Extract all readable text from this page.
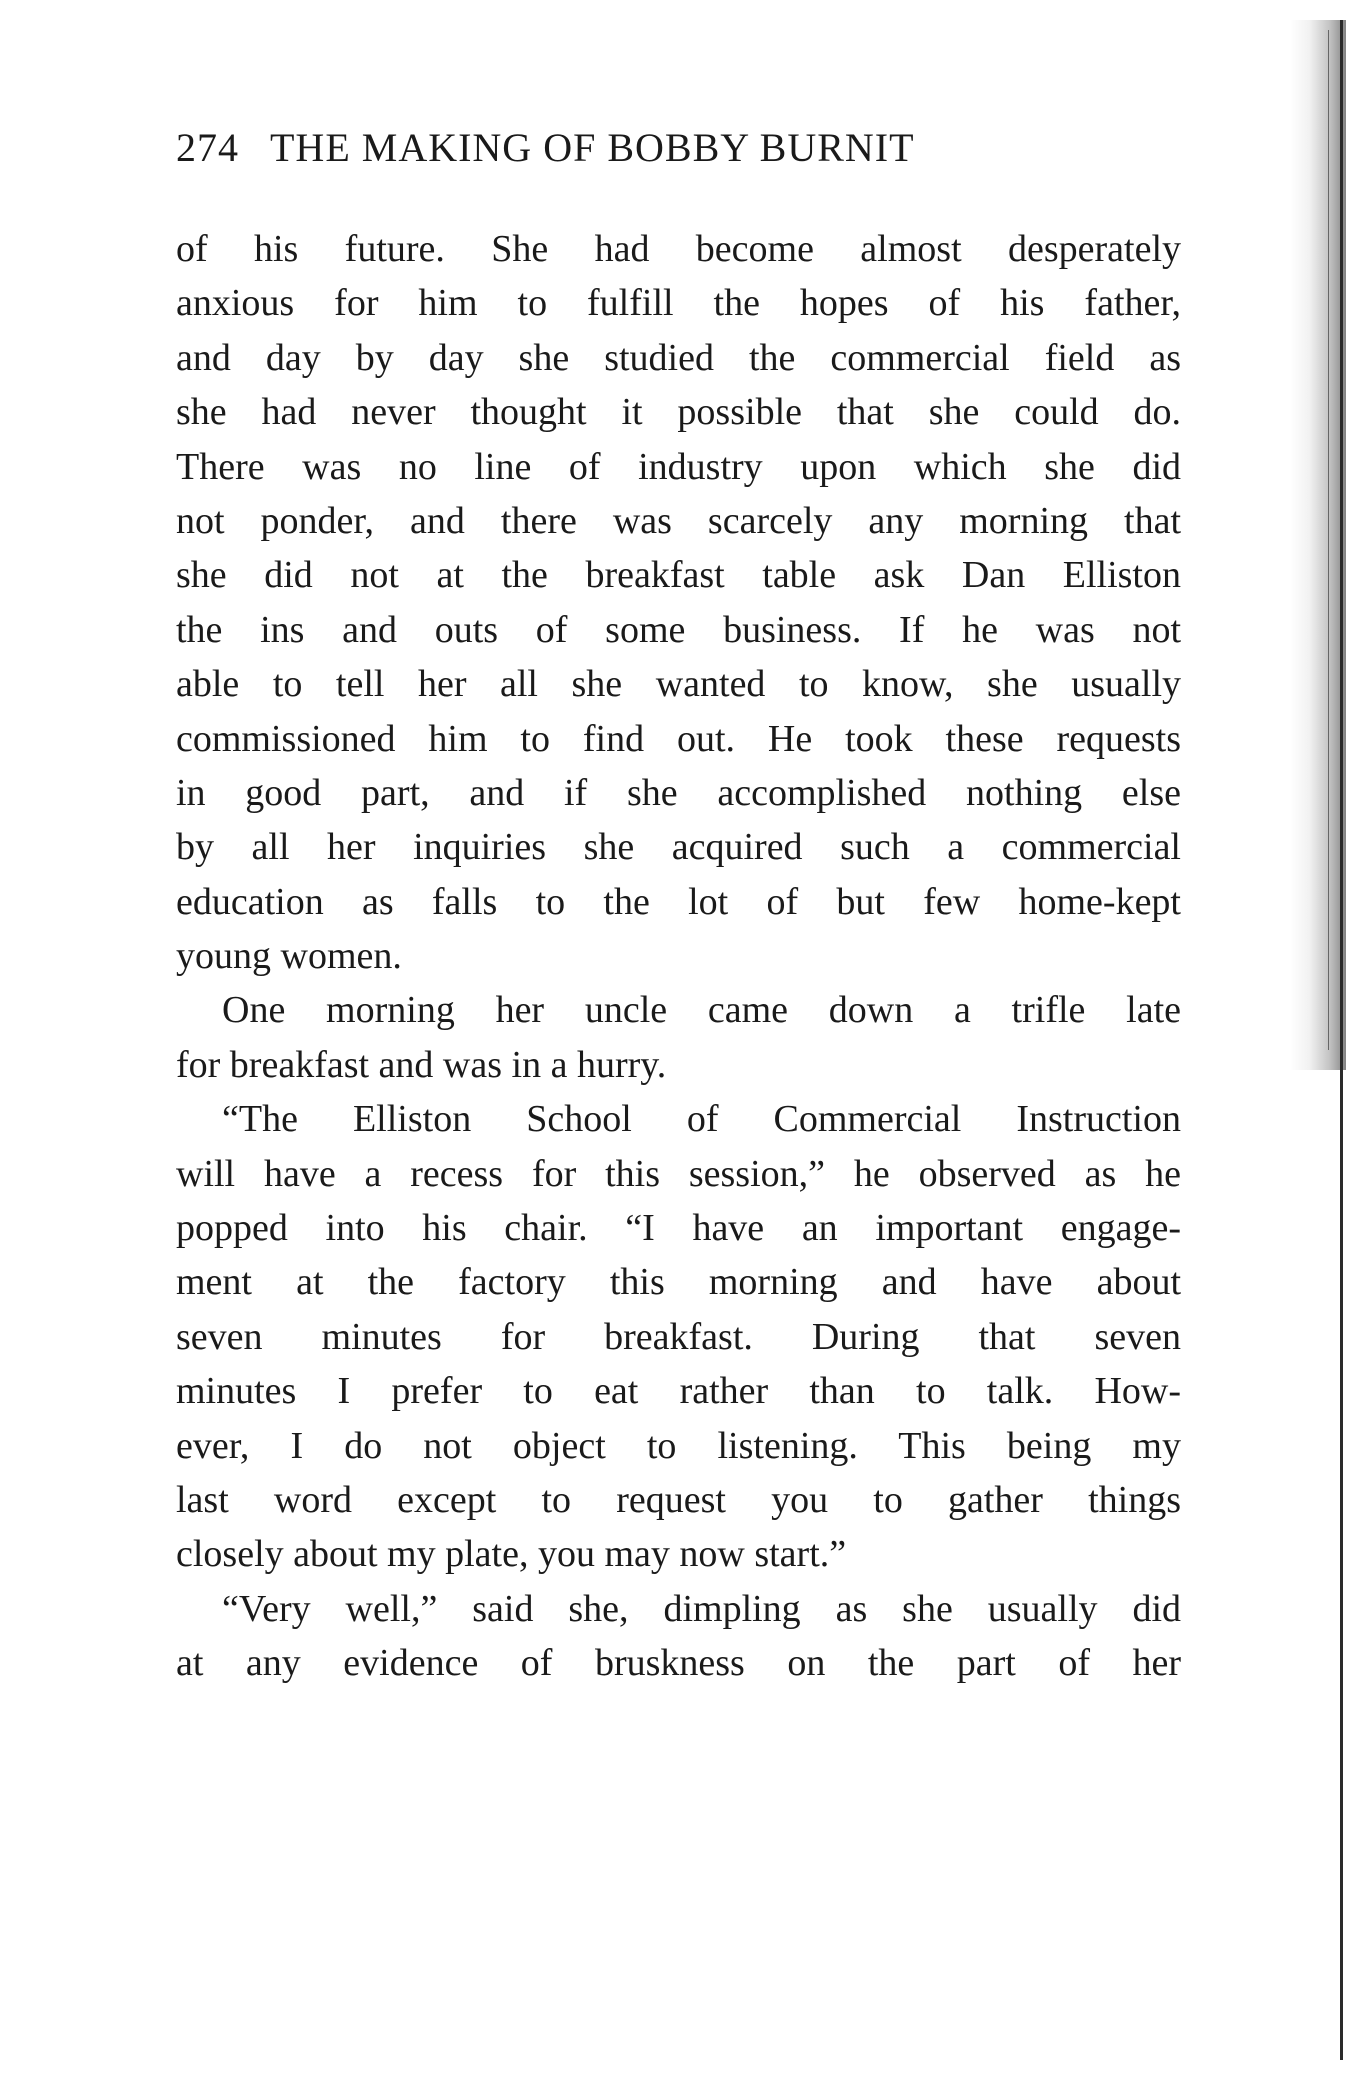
274 THE MAKING OF BOBBY BURNIT
of his future. She had become almost desperately
anxious for him to fulfill the hopes of his father,
and day by day she studied the commercial field as
she had never thought it possible that she could do.
There was no line of industry upon which she did
not ponder, and there was scarcely any morning that
she did not at the breakfast table ask Dan Elliston
the ins and outs of some business. If he was not
able to tell her all she wanted to know, she usually
commissioned him to find out. He took these requests
in good part, and if she accomplished nothing else
by all her inquiries she acquired such a commercial
education as falls to the lot of but few home-kept
young women.
One morning her uncle came down a trifle late
for breakfast and was in a hurry.
“The Elliston School of Commercial Instruction
will have a recess for this session,” he observed as he
popped into his chair. “I have an important engage-
ment at the factory this morning and have about
seven minutes for breakfast. During that seven
minutes I prefer to eat rather than to talk. How-
ever, I do not object to listening. This being my
last word except to request you to gather things
closely about my plate, you may now start.”
“Very well,” said she, dimpling as she usually did
at any evidence of bruskness on the part of her
